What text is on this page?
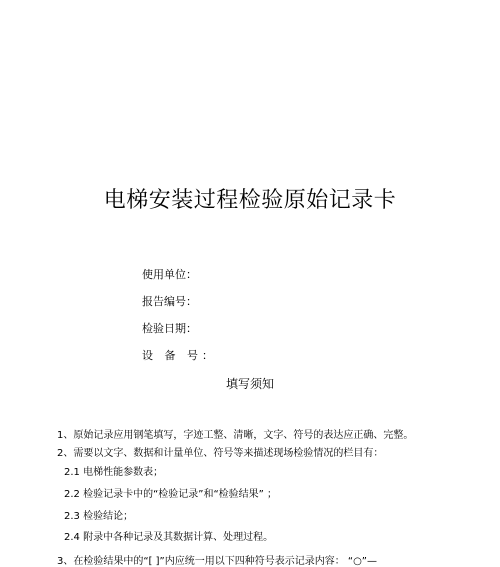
电梯安装过程检验原始记录卡
使用单位：
报告编号：
检验日期：
设 备 号：
填写须知
1、原始记录应用钢笔填写，字迹工整、清晰，文字、符号的表达应正确、完整。
2、需要以文字、数据和计量单位、符号等来描述现场检验情况的栏目有：
2.1 电梯性能参数表；
2.2 检验记录卡中的“检验记录”和“检验结果” ；
2.3 检验结论；
2.4 附录中各种记录及其数据计算、处理过程。
3、在检验结果中的“[ ]”内应统一用以下四种符号表示记录内容： “○”—
